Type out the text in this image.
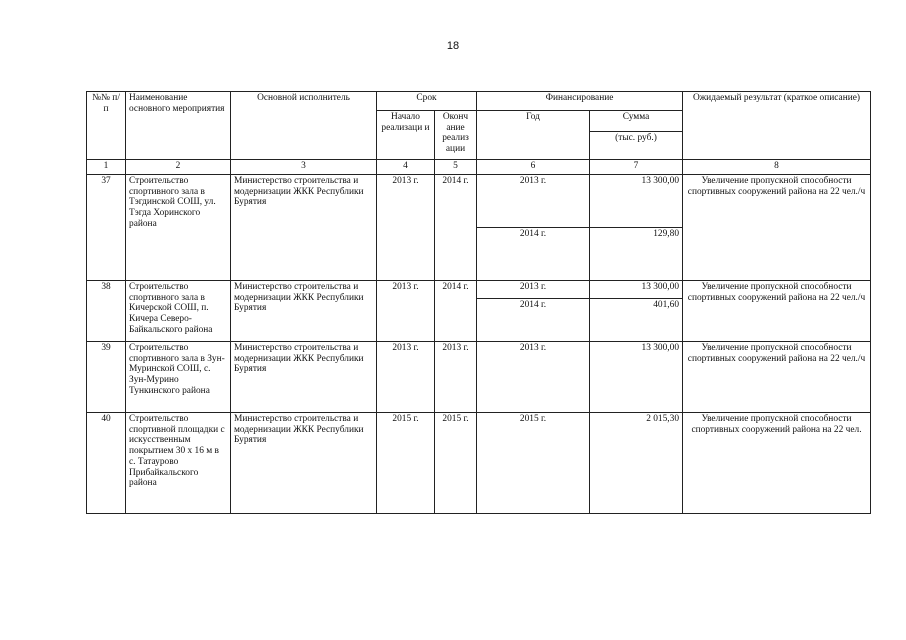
18
№№ п/п	Наименование основного мероприятия	Основной исполнитель	Срок		Финансирование		Ожидаемый результат (краткое описание)
			Начало реализаци и	Оконч ание реализ ации	Год	Сумма	
						(тыс. руб.)	
1	2	3	4	5	6	7	8
37	Строительство спортивного зала в Тэгдинской СОШ, ул. Тэгда Хоринского района	Министерство строительства и модернизации ЖКК Республики Бурятия	2013 г.	2014 г.	2013 г.	13 300,00	Увеличение пропускной способности спортивных сооружений района на 22 чел./ч
					2014 г.	129,80	
38	Строительство спортивного зала в Кичерской СОШ, п. Кичера Северо-Байкальского района	Министерство строительства и модернизации ЖКК Республики Бурятия	2013 г.	2014 г.	2013 г.	13 300,00	Увеличение пропускной способности спортивных сооружений района на 22 чел./ч
					2014 г.	401,60	
39	Строительство спортивного зала в Зун-Муринской СОШ, с. Зун-Мурино Тункинского района	Министерство строительства и модернизации ЖКК Республики Бурятия	2013 г.	2013 г.	2013 г.	13 300,00	Увеличение пропускной способности спортивных сооружений района на 22 чел./ч
40	Строительство спортивной площадки с искусственным покрытием 30 х 16 м в с. Татаурово Прибайкальского района	Министерство строительства и модернизации ЖКК Республики Бурятия	2015 г.	2015 г.	2015 г.	2 015,30	Увеличение пропускной способности спортивных сооружений района на 22 чел.
